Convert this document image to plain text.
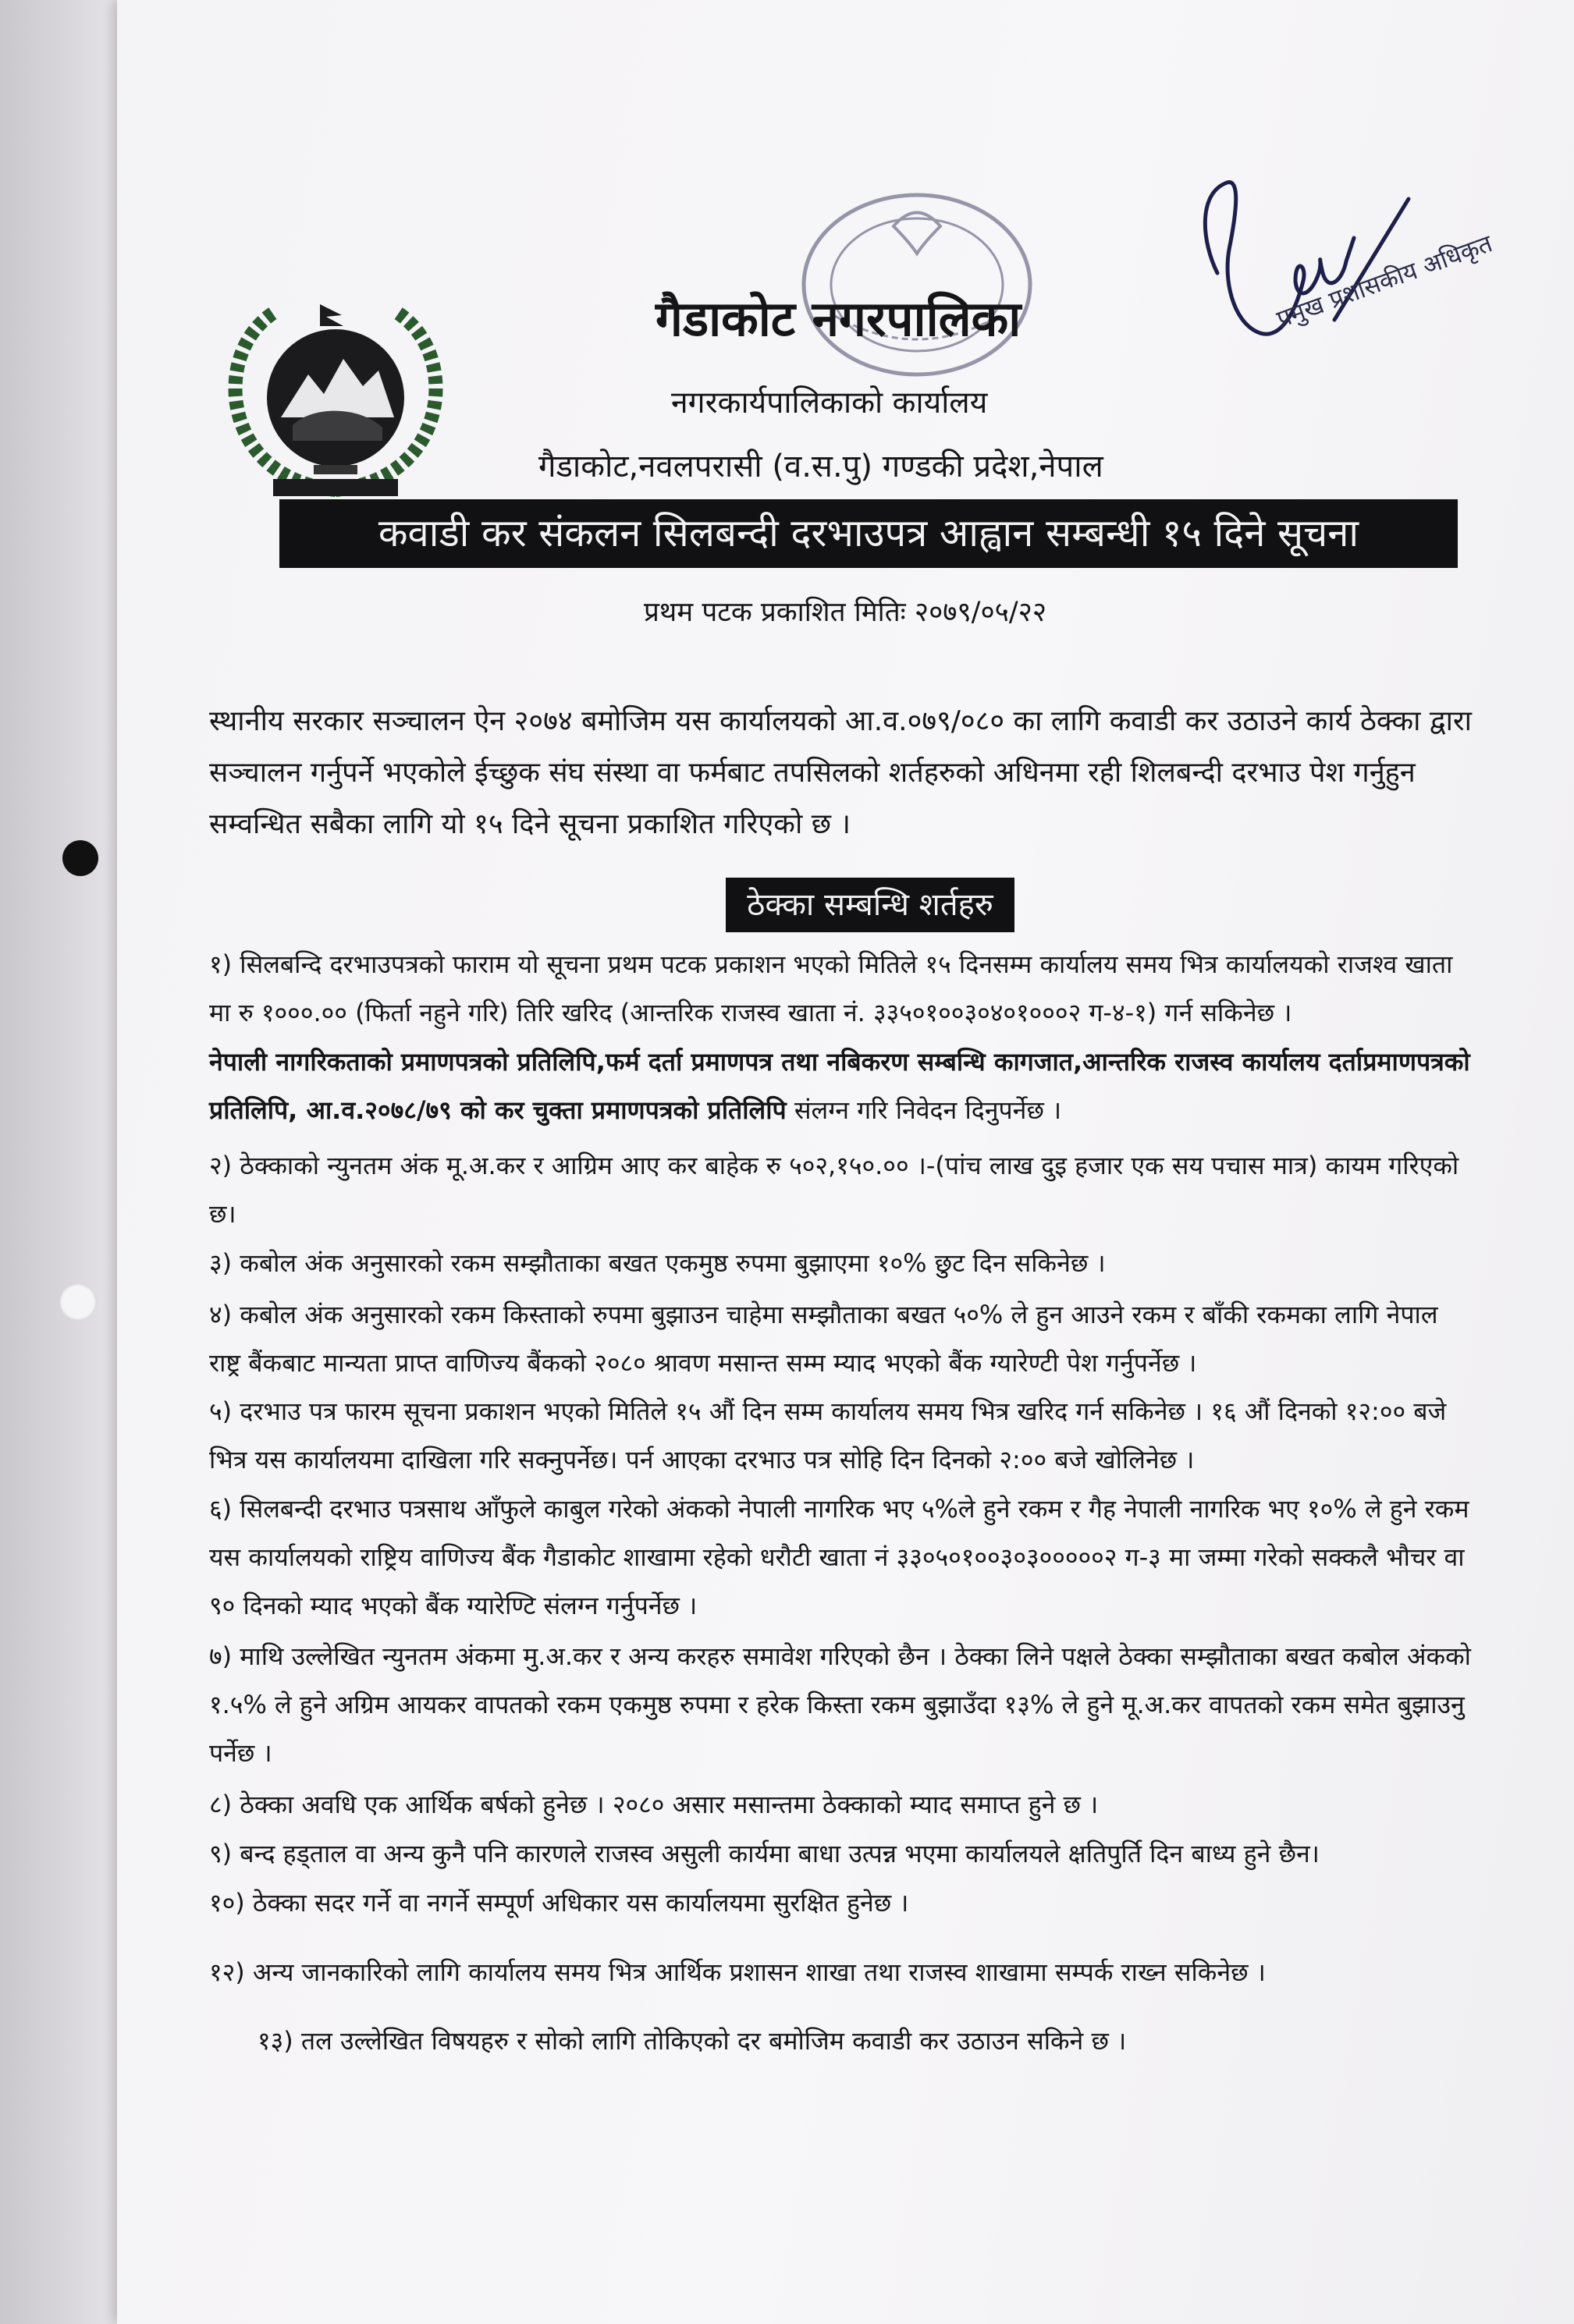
प्रमुख प्रशासकीय अधिकृत
गैडाकोट नगरपालिका
नगरकार्यपालिकाको कार्यालय
गैडाकोट,नवलपरासी (व.स.पु) गण्डकी प्रदेश,नेपाल
कवाडी कर संकलन सिलबन्दी दरभाउपत्र आह्वान सम्बन्धी १५ दिने सूचना
प्रथम पटक प्रकाशित मितिः २०७९/०५/२२
स्थानीय सरकार सञ्चालन ऐन २०७४ बमोजिम यस कार्यालयको आ.व.०७९/०८० का लागि कवाडी कर उठाउने कार्य ठेक्का द्वारा सञ्चालन गर्नुपर्ने भएकोले ईच्छुक संघ संस्था वा फर्मबाट तपसिलको शर्तहरुको अधिनमा रही शिलबन्दी दरभाउ पेश गर्नुहुन सम्वन्धित सबैका लागि यो १५ दिने सूचना प्रकाशित गरिएको छ ।
ठेक्का सम्बन्धि शर्तहरु
१) सिलबन्दि दरभाउपत्रको फाराम यो सूचना प्रथम पटक प्रकाशन भएको मितिले १५ दिनसम्म कार्यालय समय भित्र कार्यालयको राजश्व खाता मा रु १०००.०० (फिर्ता नहुने गरि) तिरि खरिद (आन्तरिक राजस्व खाता नं. ३३५०१००३०४०१०००२ ग-४-१) गर्न सकिनेछ ।
नेपाली नागरिकताको प्रमाणपत्रको प्रतिलिपि,फर्म दर्ता प्रमाणपत्र तथा नबिकरण सम्बन्धि कागजात,आन्तरिक राजस्व कार्यालय दर्ताप्रमाणपत्रको प्रतिलिपि, आ.व.२०७८/७९ को कर चुक्ता प्रमाणपत्रको प्रतिलिपि संलग्न गरि निवेदन दिनुपर्नेछ ।
२) ठेक्काको न्युनतम अंक मू.अ.कर र आग्रिम आए कर बाहेक रु ५०२,१५०.०० ।-(पांच लाख दुइ हजार एक सय पचास मात्र) कायम गरिएको छ।
३) कबोल अंक अनुसारको रकम सम्झौताका बखत एकमुष्ठ रुपमा बुझाएमा १०% छुट दिन सकिनेछ ।
४) कबोल अंक अनुसारको रकम किस्ताको रुपमा बुझाउन चाहेमा सम्झौताका बखत ५०% ले हुन आउने रकम र बाँकी रकमका लागि नेपाल राष्ट्र बैंकबाट मान्यता प्राप्त वाणिज्य बैंकको २०८० श्रावण मसान्त सम्म म्याद भएको बैंक ग्यारेण्टी पेश गर्नुपर्नेछ ।
५) दरभाउ पत्र फारम सूचना प्रकाशन भएको मितिले १५ औं दिन सम्म कार्यालय समय भित्र खरिद गर्न सकिनेछ । १६ औं दिनको १२:०० बजे भित्र यस कार्यालयमा दाखिला गरि सक्नुपर्नेछ। पर्न आएका दरभाउ पत्र सोहि दिन दिनको २:०० बजे खोलिनेछ ।
६) सिलबन्दी दरभाउ पत्रसाथ आँफुले काबुल गरेको अंकको नेपाली नागरिक भए ५%ले हुने रकम र गैह नेपाली नागरिक भए १०% ले हुने रकम यस कार्यालयको राष्ट्रिय वाणिज्य बैंक गैडाकोट शाखामा रहेको धरौटी खाता नं ३३०५०१००३०३०००००२ ग-३ मा जम्मा गरेको सक्कलै भौचर वा ९० दिनको म्याद भएको बैंक ग्यारेण्टि संलग्न गर्नुपर्नेछ ।
७) माथि उल्लेखित न्युनतम अंकमा मु.अ.कर र अन्य करहरु समावेश गरिएको छैन । ठेक्का लिने पक्षले ठेक्का सम्झौताका बखत कबोल अंकको १.५% ले हुने अग्रिम आयकर वापतको रकम एकमुष्ठ रुपमा र हरेक किस्ता रकम बुझाउँदा १३% ले हुने मू.अ.कर वापतको रकम समेत बुझाउनु पर्नेछ ।
८) ठेक्का अवधि एक आर्थिक बर्षको हुनेछ । २०८० असार मसान्तमा ठेक्काको म्याद समाप्त हुने छ ।
९) बन्द हड्ताल वा अन्य कुनै पनि कारणले राजस्व असुली कार्यमा बाधा उत्पन्न भएमा कार्यालयले क्षतिपुर्ति दिन बाध्य हुने छैन।
१०) ठेक्का सदर गर्ने वा नगर्ने सम्पूर्ण अधिकार यस कार्यालयमा सुरक्षित हुनेछ ।
१२) अन्य जानकारिको लागि कार्यालय समय भित्र आर्थिक प्रशासन शाखा तथा राजस्व शाखामा सम्पर्क राख्न सकिनेछ ।
१३) तल उल्लेखित विषयहरु र सोको लागि तोकिएको दर बमोजिम कवाडी कर उठाउन सकिने छ ।
